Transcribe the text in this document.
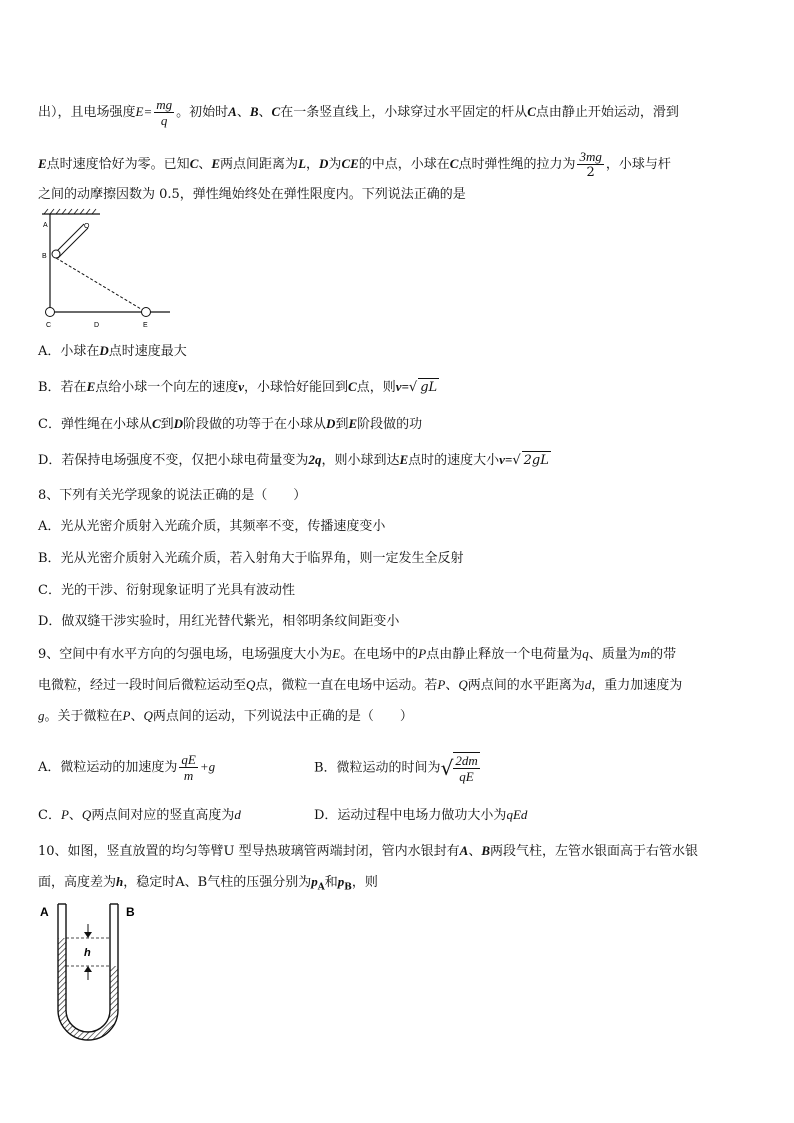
出），且电场强度$E= \frac{mg}{q}$ 。初始时A、B、C在一条竖直线上，小球穿过水平固定的杆从C点由静止开始运动，滑到
E点时速度恰好为零。已知C、E两点间距离为L，D为CE的中点，小球在C点时弹性绳的拉力为 $\frac{3mg}{2}$ ，小球与杆
之间的动摩擦因数为 0.5，弹性绳始终处在弹性限度内。下列说法正确的是
A	O
B
C	D	E
A．小球在D点时速度最大
B．若在E点给小球一个向左的速度v，小球恰好能回到C点，则v=√ gL
C．弹性绳在小球从C到D阶段做的功等于在小球从D到E阶段做的功
D．若保持电场强度不变，仅把小球电荷量变为2q，则小球到达E点时的速度大小v=√ 2gL
8、下列有关光学现象的说法正确的是（　　）
A．光从光密介质射入光疏介质，其频率不变，传播速度变小
B．光从光密介质射入光疏介质，若入射角大于临界角，则一定发生全反射
C．光的干涉、衍射现象证明了光具有波动性
D．做双缝干涉实验时，用红光替代紫光，相邻明条纹间距变小
9、空间中有水平方向的匀强电场，电场强度大小为E。在电场中的P点由静止释放一个电荷量为q、质量为m的带
电微粒，经过一段时间后微粒运动至Q点，微粒一直在电场中运动。若P、Q两点间的水平距离为d，重力加速度为
g。关于微粒在P、Q两点间的运动，下列说法中正确的是（　　）
A．微粒运动的加速度为 $\frac{qE}{m} +g$	B．微粒运动的时间为√ $\frac{2dm}{qE}$
C．P、Q两点间对应的竖直高度为d	D．运动过程中电场力做功大小为qEd
10、如图，竖直放置的均匀等臂U 型导热玻璃管两端封闭，管内水银封有A、B两段气柱，左管水银面高于右管水银
面，高度差为h，稳定时A、B气柱的压强分别为$p_A$和$p_B$，则
h
A	B
